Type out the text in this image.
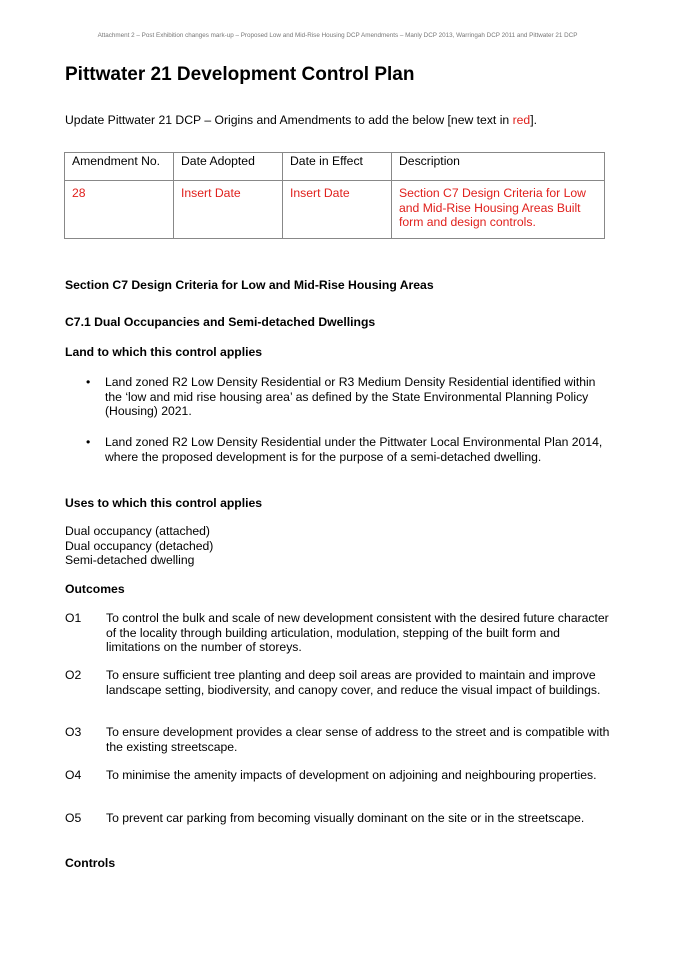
Attachment 2 – Post Exhibition changes mark-up – Proposed Low and Mid-Rise Housing DCP Amendments – Manly DCP 2013, Warringah DCP 2011 and Pittwater 21 DCP
Pittwater 21 Development Control Plan
Update Pittwater 21 DCP – Origins and Amendments to add the below [new text in red].
Amendment No.	Date Adopted	Date in Effect	Description
28	Insert Date	Insert Date	Section C7 Design Criteria for Low and Mid-Rise Housing Areas Built form and design controls.
Section C7 Design Criteria for Low and Mid-Rise Housing Areas
C7.1 Dual Occupancies and Semi-detached Dwellings
Land to which this control applies
• Land zoned R2 Low Density Residential or R3 Medium Density Residential identified within the ‘low and mid rise housing area’ as defined by the State Environmental Planning Policy (Housing) 2021.
• Land zoned R2 Low Density Residential under the Pittwater Local Environmental Plan 2014, where the proposed development is for the purpose of a semi-detached dwelling.
Uses to which this control applies
Dual occupancy (attached)
Dual occupancy (detached)
Semi-detached dwelling
Outcomes
O1 To control the bulk and scale of new development consistent with the desired future character of the locality through building articulation, modulation, stepping of the built form and limitations on the number of storeys.
O2 To ensure sufficient tree planting and deep soil areas are provided to maintain and improve landscape setting, biodiversity, and canopy cover, and reduce the visual impact of buildings.
O3 To ensure development provides a clear sense of address to the street and is compatible with the existing streetscape.
O4 To minimise the amenity impacts of development on adjoining and neighbouring properties.
O5 To prevent car parking from becoming visually dominant on the site or in the streetscape.
Controls
